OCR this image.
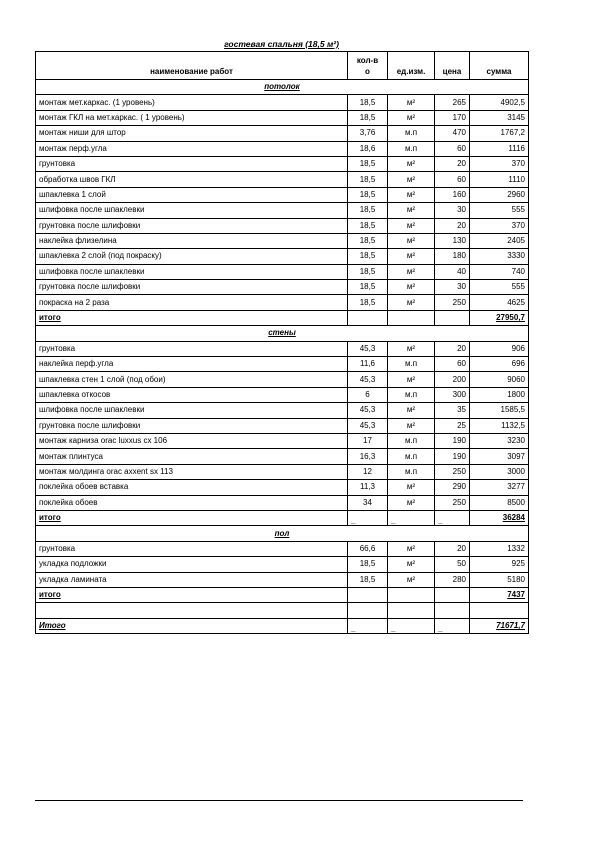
гостевая спальня (18,5 м²)
наименование работ	кол-во	ед.изм.	цена	сумма
потолок				
монтаж мет.каркас. (1 уровень)	18,5	м²	265	4902,5
монтаж ГКЛ на мет.каркас. ( 1 уровень)	18,5	м²	170	3145
монтаж ниши для штор	3,76	м.п	470	1767,2
монтаж перф.угла	18,6	м.п	60	1116
грунтовка	18,5	м²	20	370
обработка швов ГКЛ	18,5	м²	60	1110
шпаклевка 1 слой	18,5	м²	160	2960
шлифовка после шпаклевки	18,5	м²	30	555
грунтовка после шлифовки	18,5	м²	20	370
наклейка флизелина	18,5	м²	130	2405
шпаклевка 2 слой (под покраску)	18,5	м²	180	3330
шлифовка после шпаклевки	18,5	м²	40	740
грунтовка после шлифовки	18,5	м²	30	555
покраска на 2 раза	18,5	м²	250	4625
итого				27950,7
стены				
грунтовка	45,3	м²	20	906
наклейка перф.угла	11,6	м.п	60	696
шпаклевка стен 1 слой (под обои)	45,3	м²	200	9060
шпаклевка откосов	6	м.п	300	1800
шлифовка после шпаклевки	45,3	м²	35	1585,5
грунтовка после шлифовки	45,3	м²	25	1132,5
монтаж карниза orac luxxus cx 106	17	м.п	190	3230
монтаж плинтуса	16,3	м.п	190	3097
монтаж молдинга orac axxent sx 113	12	м.п	250	3000
поклейка обоев вставка	11,3	м²	290	3277
поклейка обоев	34	м²	250	8500
итого	_	_	_	36284
пол				
грунтовка	66,6	м²	20	1332
укладка подложки	18,5	м²	50	925
укладка ламината	18,5	м²	280	5180
итого				7437

Итого	_	_	_	71671,7
